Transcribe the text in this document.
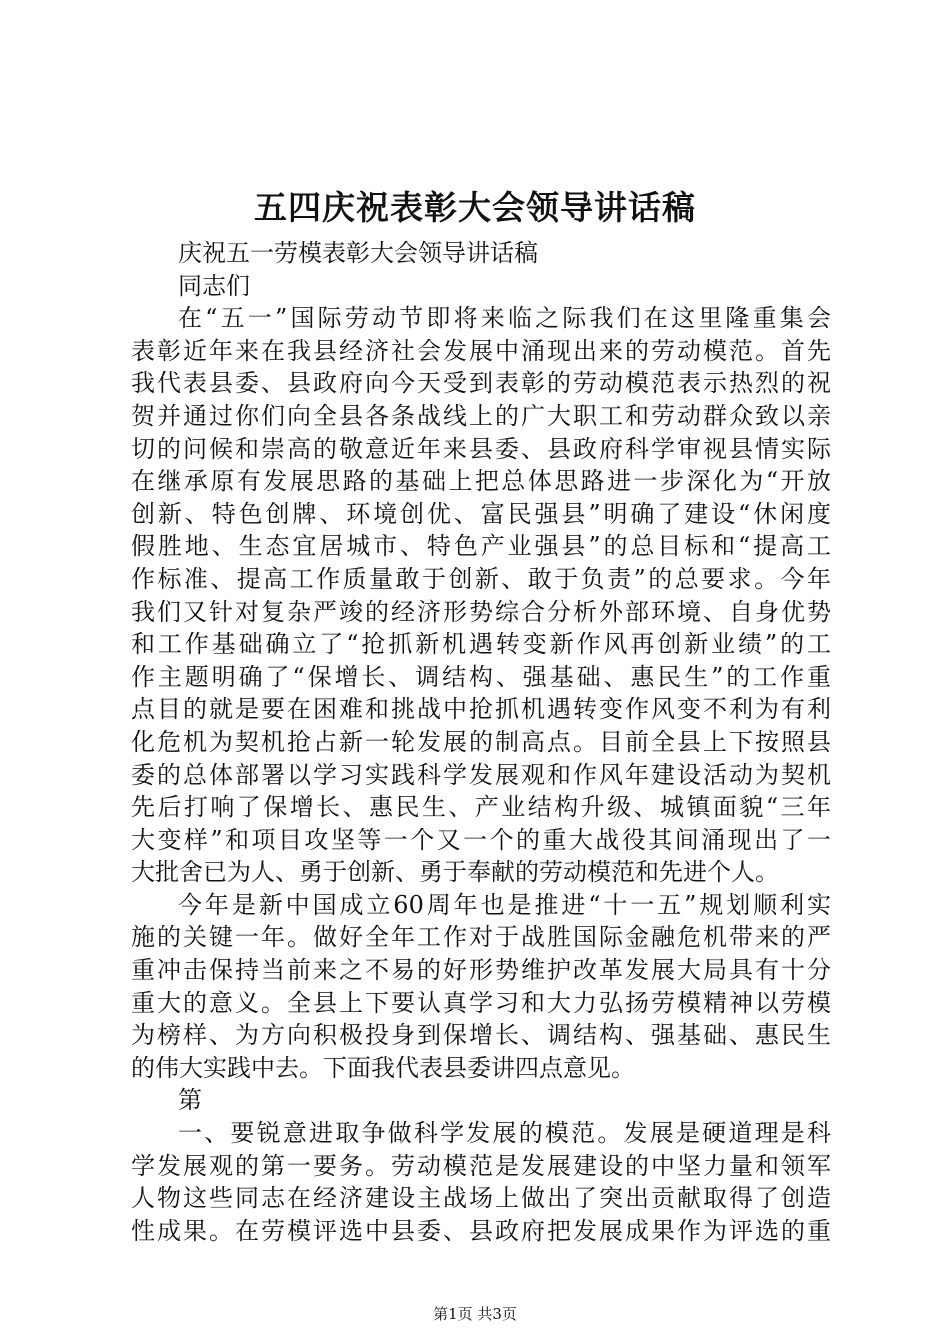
五四庆祝表彰大会领导讲话稿

庆祝五一劳模表彰大会领导讲话稿

同志们

在“五一”国际劳动节即将来临之际我们在这里隆重集会

表彰近年来在我县经济社会发展中涌现出来的劳动模范。首先

我代表县委、县政府向今天受到表彰的劳动模范表示热烈的祝

贺并通过你们向全县各条战线上的广大职工和劳动群众致以亲

切的问候和崇高的敬意近年来县委、县政府科学审视县情实际

在继承原有发展思路的基础上把总体思路进一步深化为“开放

创新、特色创牌、环境创优、富民强县”明确了建设“休闲度

假胜地、生态宜居城市、特色产业强县”的总目标和“提高工

作标准、提高工作质量敢于创新、敢于负责”的总要求。今年

我们又针对复杂严竣的经济形势综合分析外部环境、自身优势

和工作基础确立了“抢抓新机遇转变新作风再创新业绩”的工

作主题明确了“保增长、调结构、强基础、惠民生”的工作重

点目的就是要在困难和挑战中抢抓机遇转变作风变不利为有利

化危机为契机抢占新一轮发展的制高点。目前全县上下按照县

委的总体部署以学习实践科学发展观和作风年建设活动为契机

先后打响了保增长、惠民生、产业结构升级、城镇面貌“三年

大变样”和项目攻坚等一个又一个的重大战役其间涌现出了一

大批舍已为人、勇于创新、勇于奉献的劳动模范和先进个人。

今年是新中国成立60周年也是推进“十一五”规划顺利实

施的关键一年。做好全年工作对于战胜国际金融危机带来的严

重冲击保持当前来之不易的好形势维护改革发展大局具有十分

重大的意义。全县上下要认真学习和大力弘扬劳模精神以劳模

为榜样、为方向积极投身到保增长、调结构、强基础、惠民生

的伟大实践中去。下面我代表县委讲四点意见。

第

一、要锐意进取争做科学发展的模范。发展是硬道理是科

学发展观的第一要务。劳动模范是发展建设的中坚力量和领军

人物这些同志在经济建设主战场上做出了突出贡献取得了创造

性成果。在劳模评选中县委、县政府把发展成果作为评选的重

第1页 共3页
